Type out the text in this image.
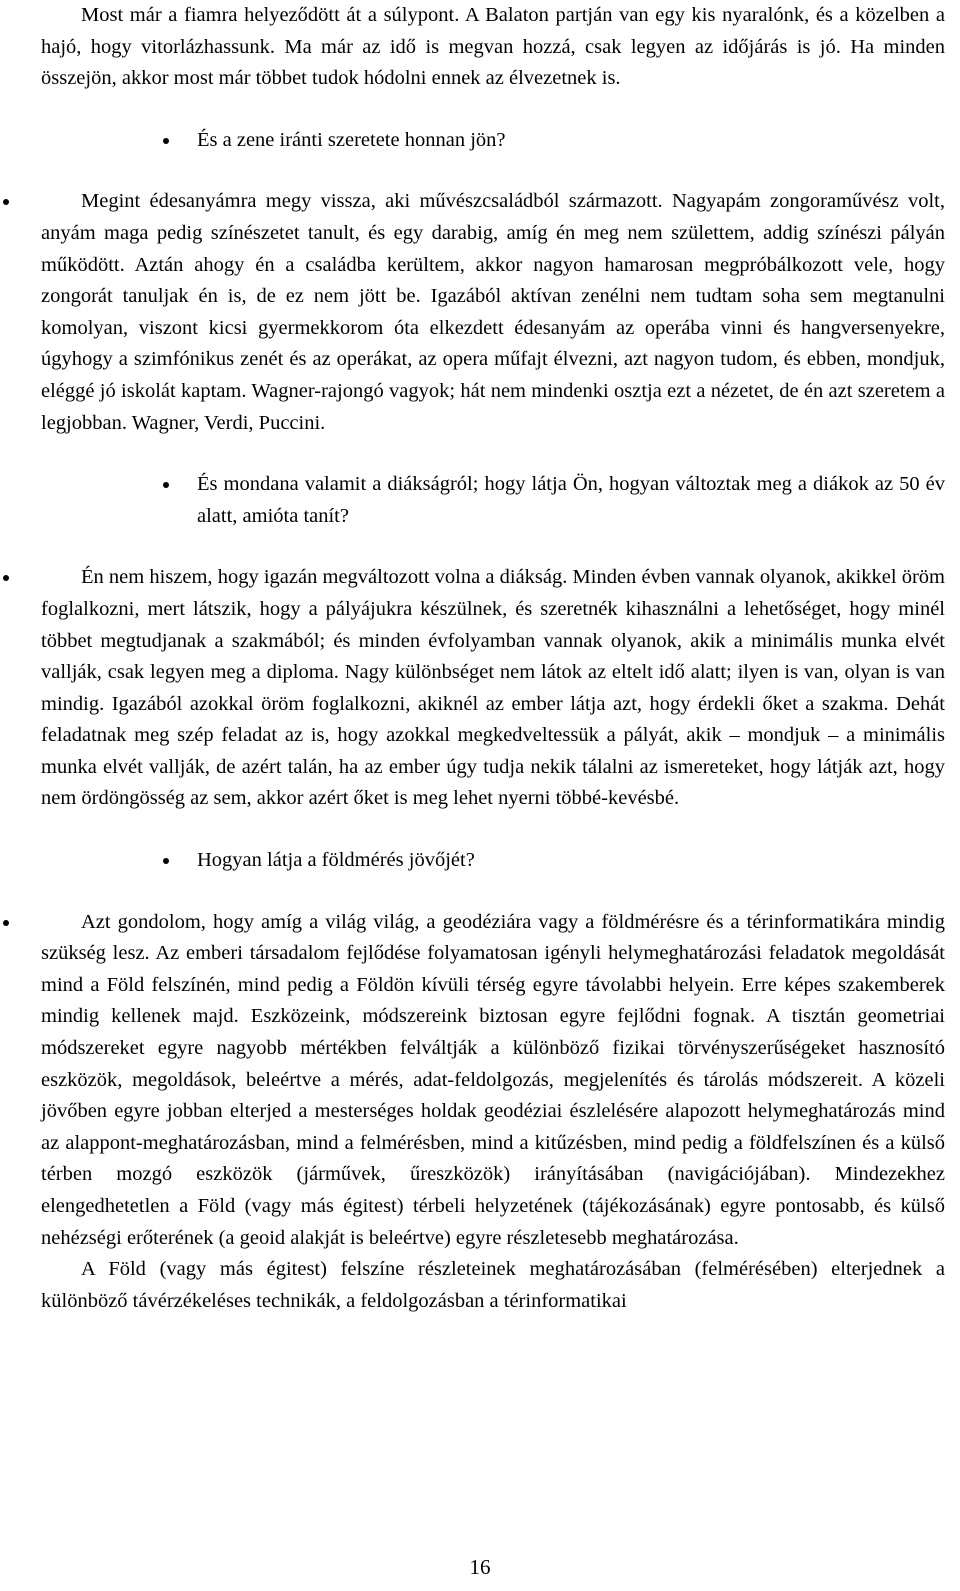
Most már a fiamra helyeződött át a súlypont. A Balaton partján van egy kis nyaralónk, és a közelben a hajó, hogy vitorlázhassunk. Ma már az idő is megvan hozzá, csak legyen az időjárás is jó. Ha minden összejön, akkor most már többet tudok hódolni ennek az élvezetnek is.

És a zene iránti szeretete honnan jön?

Megint édesanyámra megy vissza, aki művészcsaládból származott. Nagyapám zongoraművész volt, anyám maga pedig színészetet tanult, és egy darabig, amíg én meg nem születtem, addig színészi pályán működött. Aztán ahogy én a családba kerültem, akkor nagyon hamarosan megpróbálkozott vele, hogy zongorát tanuljak én is, de ez nem jött be. Igazából aktívan zenélni nem tudtam soha sem megtanulni komolyan, viszont kicsi gyermekkorom óta elkezdett édesanyám az operába vinni és hangversenyekre, úgyhogy a szimfónikus zenét és az operákat, az opera műfajt élvezni, azt nagyon tudom, és ebben, mondjuk, eléggé jó iskolát kaptam. Wagner-rajongó vagyok; hát nem mindenki osztja ezt a nézetet, de én azt szeretem a legjobban. Wagner, Verdi, Puccini.

És mondana valamit a diákságról; hogy látja Ön, hogyan változtak meg a diákok az 50 év alatt, amióta tanít?

Én nem hiszem, hogy igazán megváltozott volna a diákság. Minden évben vannak olyanok, akikkel öröm foglalkozni, mert látszik, hogy a pályájukra készülnek, és szeretnék kihasználni a lehetőséget, hogy minél többet megtudjanak a szakmából; és minden évfolyamban vannak olyanok, akik a minimális munka elvét vallják, csak legyen meg a diploma. Nagy különbséget nem látok az eltelt idő alatt; ilyen is van, olyan is van mindig. Igazából azokkal öröm foglalkozni, akiknél az ember látja azt, hogy érdekli őket a szakma. Dehát feladatnak meg szép feladat az is, hogy azokkal megkedveltessük a pályát, akik – mondjuk – a minimális munka elvét vallják, de azért talán, ha az ember úgy tudja nekik tálalni az ismereteket, hogy látják azt, hogy nem ördöngösség az sem, akkor azért őket is meg lehet nyerni többé-kevésbé.

Hogyan látja a földmérés jövőjét?

Azt gondolom, hogy amíg a világ világ, a geodéziára vagy a földmérésre és a térinformatikára mindig szükség lesz. Az emberi társadalom fejlődése folyamatosan igényli helymeghatározási feladatok megoldását mind a Föld felszínén, mind pedig a Földön kívüli térség egyre távolabbi helyein. Erre képes szakemberek mindig kellenek majd. Eszközeink, módszereink biztosan egyre fejlődni fognak. A tisztán geometriai módszereket egyre nagyobb mértékben felváltják a különböző fizikai törvényszerűségeket hasznosító eszközök, megoldások, beleértve a mérés, adat-feldolgozás, megjelenítés és tárolás módszereit. A közeli jövőben egyre jobban elterjed a mesterséges holdak geodéziai észlelésére alapozott helymeghatározás mind az alappont-meghatározásban, mind a felmérésben, mind a kitűzésben, mind pedig a földfelszínen és a külső térben mozgó eszközök (járművek, űreszközök) irányításában (navigációjában). Mindezekhez elengedhetetlen a Föld (vagy más égitest) térbeli helyzetének (tájékozásának) egyre pontosabb, és külső nehézségi erőterének (a geoid alakját is beleértve) egyre részletesebb meghatározása.

A Föld (vagy más égitest) felszíne részleteinek meghatározásában (felmérésében) elterjednek a különböző távérzékeléses technikák, a feldolgozásban a térinformatikai

16
